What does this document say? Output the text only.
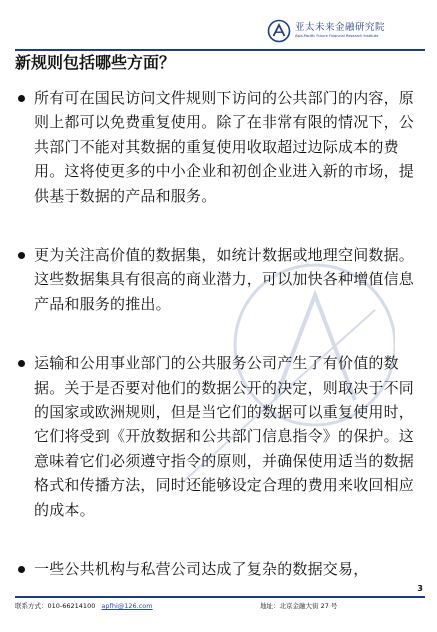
亚太未来金融研究院
Asia-Pacific Future Financial Research Institute
新规则包括哪些方面？
所有可在国民访问文件规则下访问的公共部门的内容，原则上都可以免费重复使用。除了在非常有限的情况下，公共部门不能对其数据的重复使用收取超过边际成本的费用。这将使更多的中小企业和初创企业进入新的市场，提供基于数据的产品和服务。
更为关注高价值的数据集，如统计数据或地理空间数据。这些数据集具有很高的商业潜力，可以加快各种增值信息产品和服务的推出。
运输和公用事业部门的公共服务公司产生了有价值的数据。关于是否要对他们的数据公开的决定，则取决于不同的国家或欧洲规则，但是当它们的数据可以重复使用时，它们将受到《开放数据和公共部门信息指令》的保护。这意味着它们必须遵守指令的原则，并确保使用适当的数据格式和传播方法，同时还能够设定合理的费用来收回相应的成本。
一些公共机构与私营公司达成了复杂的数据交易，
3
联系方式：010-66214100 apfhi@126.com	地址：北京金融大街 27 号
